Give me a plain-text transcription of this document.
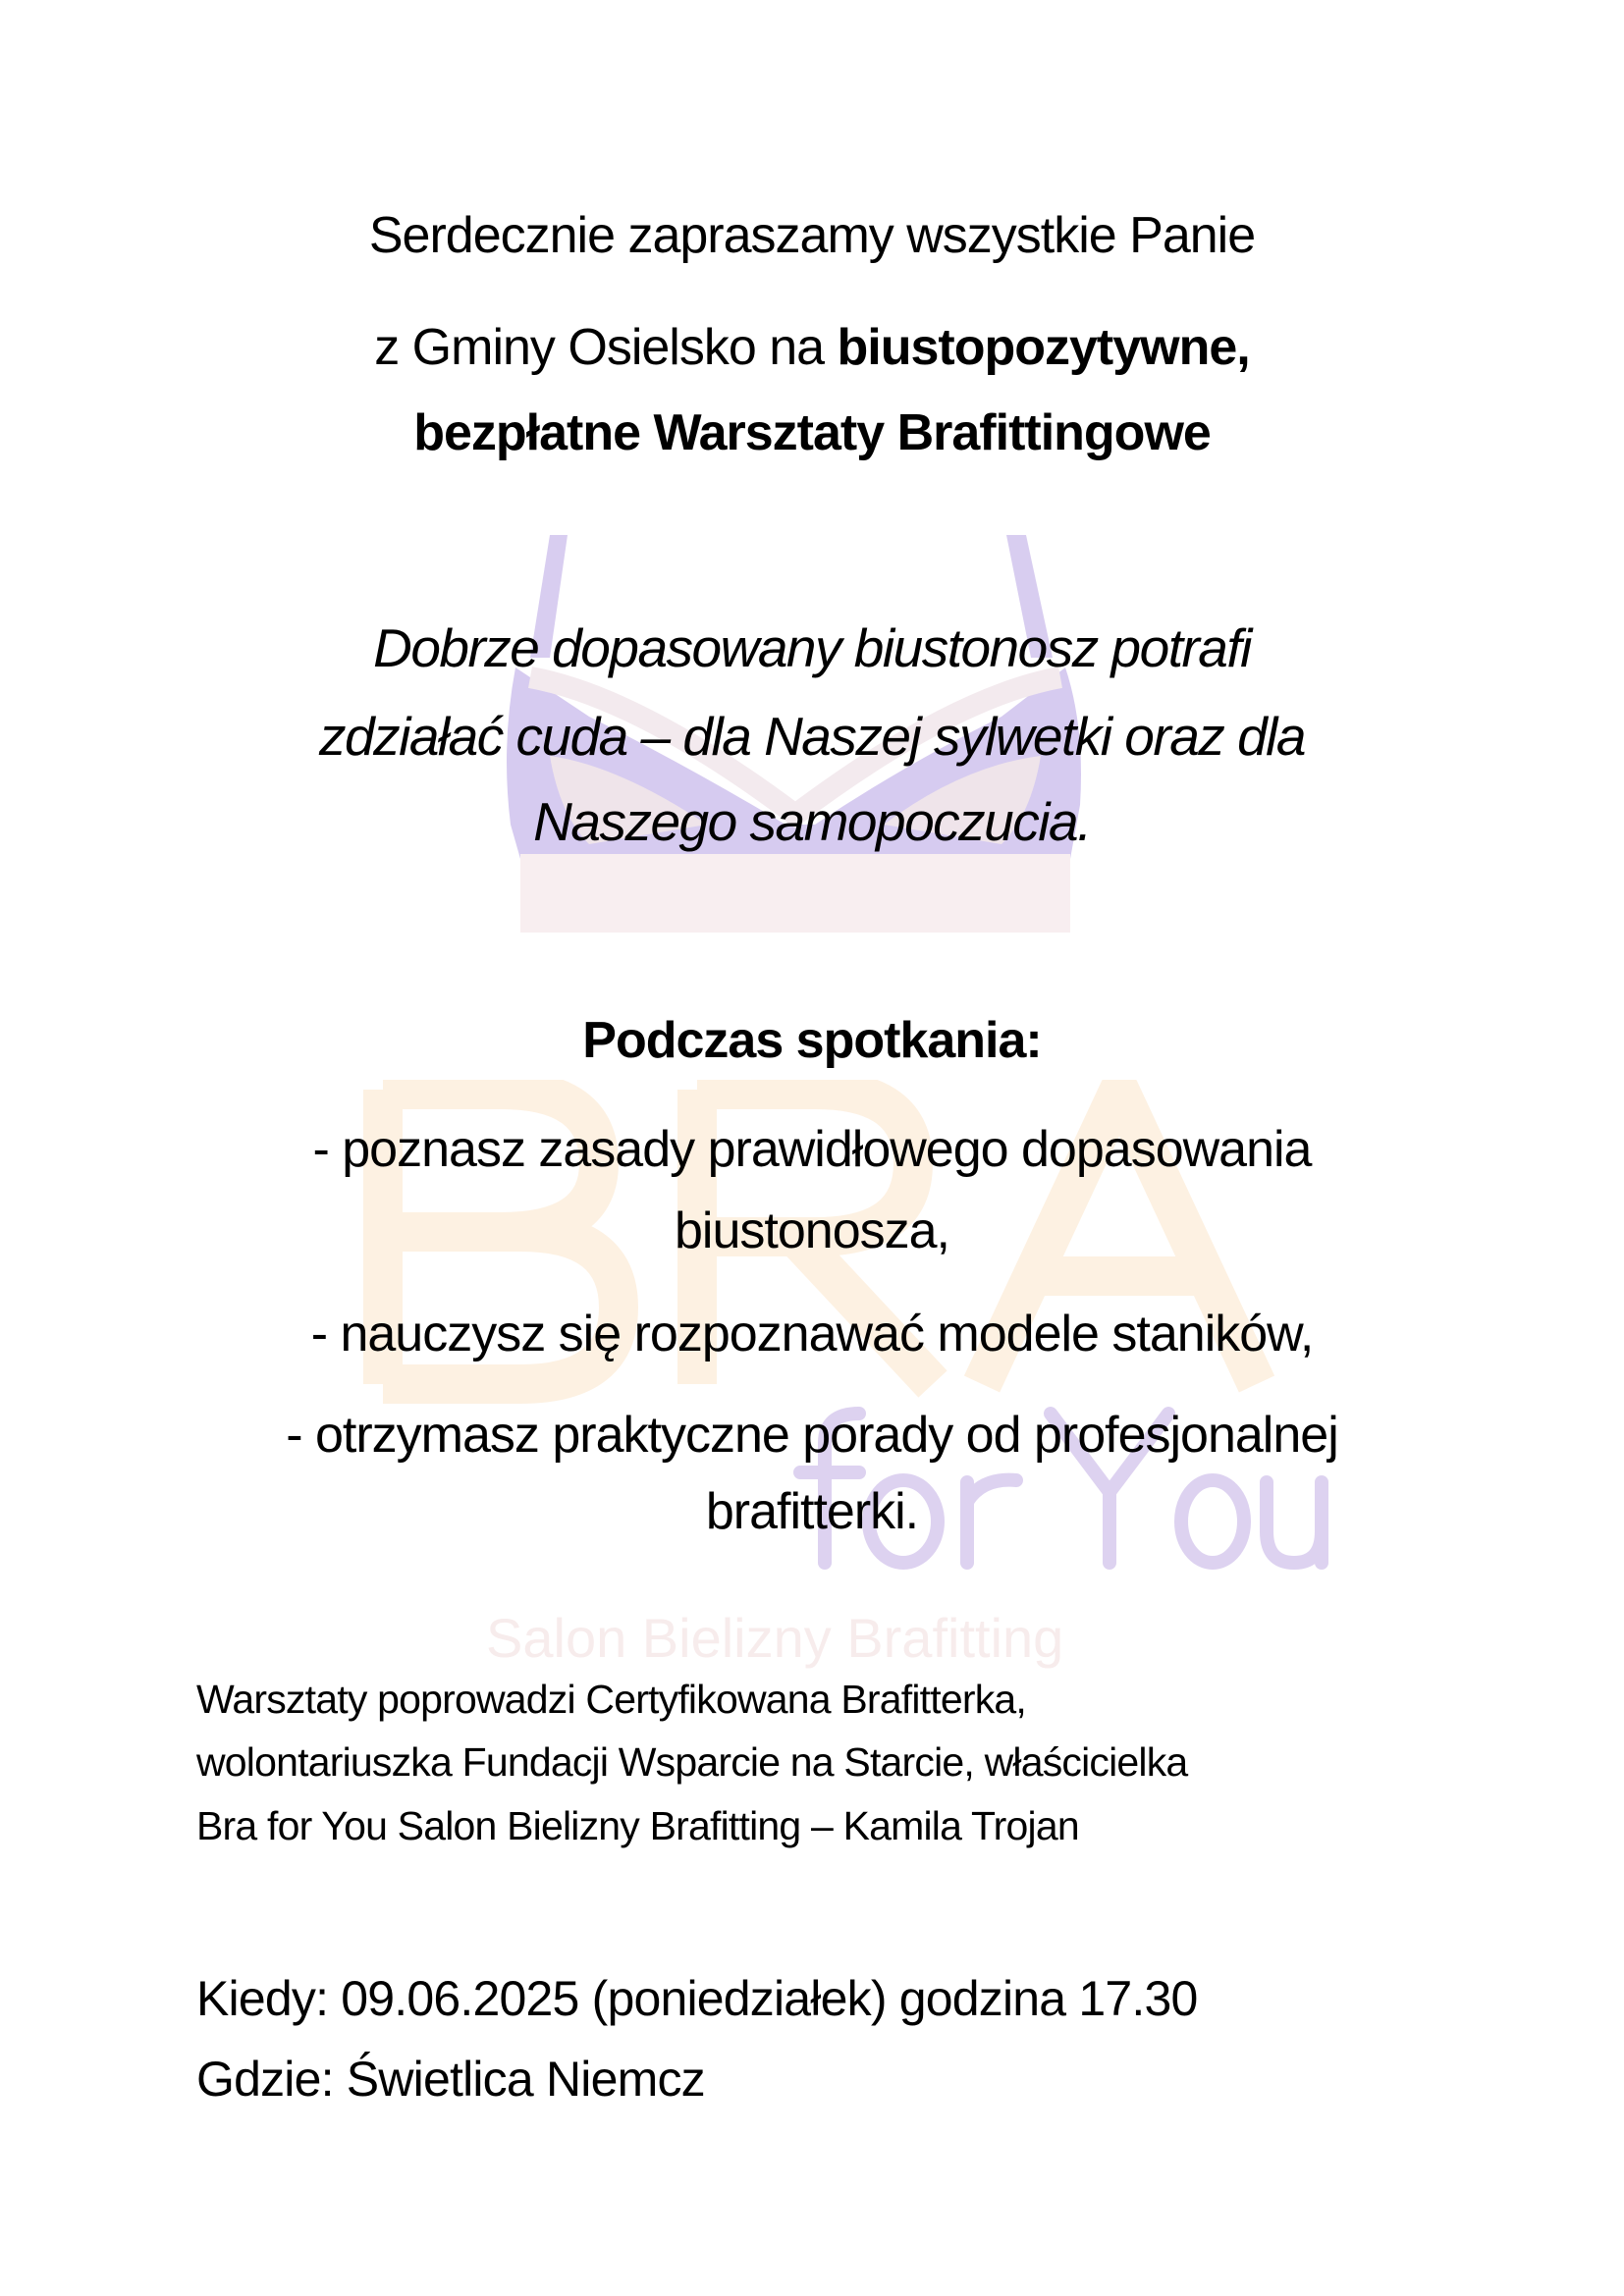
Salon Bielizny Brafitting
Serdecznie zapraszamy wszystkie Panie
z Gminy Osielsko na biustopozytywne,
bezpłatne Warsztaty Brafittingowe
Dobrze dopasowany biustonosz potrafi
zdziałać cuda – dla Naszej sylwetki oraz dla
Naszego samopoczucia.
Podczas spotkania:
- poznasz zasady prawidłowego dopasowania
biustonosza,
- nauczysz się rozpoznawać modele staników,
- otrzymasz praktyczne porady od profesjonalnej
brafitterki.
Warsztaty poprowadzi Certyfikowana Brafitterka,
wolontariuszka Fundacji Wsparcie na Starcie, właścicielka
Bra for You Salon Bielizny Brafitting – Kamila Trojan
Kiedy: 09.06.2025 (poniedziałek) godzina 17.30
Gdzie: Świetlica Niemcz
